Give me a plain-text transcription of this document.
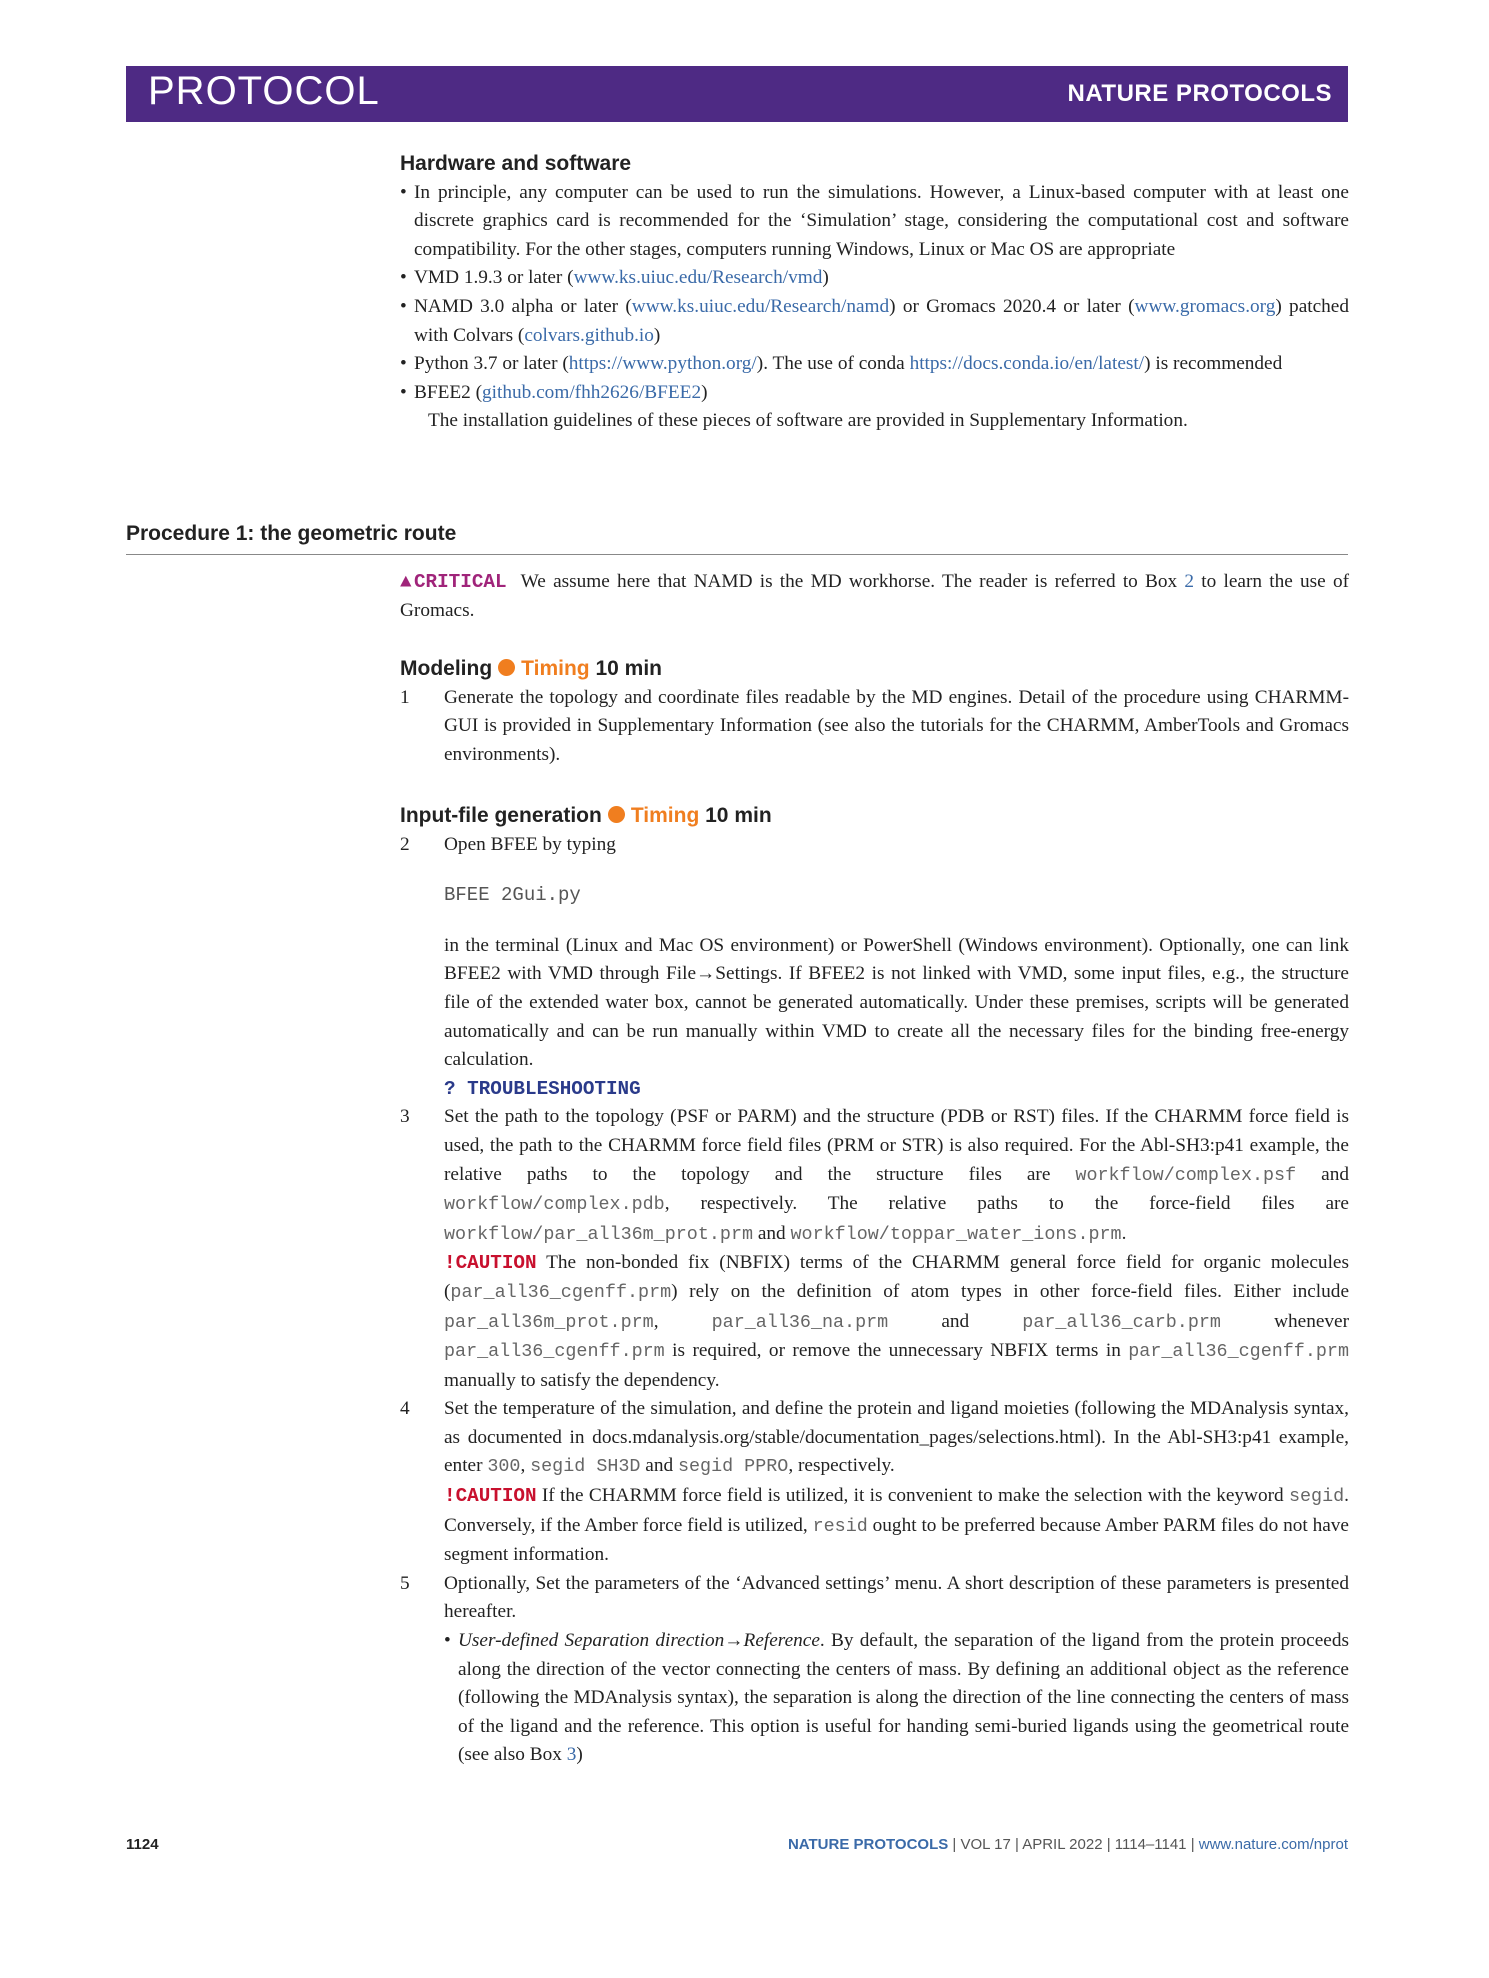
PROTOCOL	NATURE PROTOCOLS
Hardware and software
• In principle, any computer can be used to run the simulations. However, a Linux-based computer with at least one discrete graphics card is recommended for the ‘Simulation’ stage, considering the computational cost and software compatibility. For the other stages, computers running Windows, Linux or Mac OS are appropriate
• VMD 1.9.3 or later (www.ks.uiuc.edu/Research/vmd)
• NAMD 3.0 alpha or later (www.ks.uiuc.edu/Research/namd) or Gromacs 2020.4 or later (www.gromacs.org) patched with Colvars (colvars.github.io)
• Python 3.7 or later (https://www.python.org/). The use of conda https://docs.conda.io/en/latest/) is recommended
• BFEE2 (github.com/fhh2626/BFEE2)
The installation guidelines of these pieces of software are provided in Supplementary Information.
Procedure 1: the geometric route
▲CRITICAL We assume here that NAMD is the MD workhorse. The reader is referred to Box 2 to learn the use of Gromacs.
Modeling Timing 10 min
1 Generate the topology and coordinate files readable by the MD engines. Detail of the procedure using CHARMM-GUI is provided in Supplementary Information (see also the tutorials for the CHARMM, AmberTools and Gromacs environments).
Input-file generation Timing 10 min
2 Open BFEE by typing
BFEE 2Gui.py
in the terminal (Linux and Mac OS environment) or PowerShell (Windows environment). Optionally, one can link BFEE2 with VMD through File→Settings. If BFEE2 is not linked with VMD, some input files, e.g., the structure file of the extended water box, cannot be generated automatically. Under these premises, scripts will be generated automatically and can be run manually within VMD to create all the necessary files for the binding free-energy calculation.
? TROUBLESHOOTING
3 Set the path to the topology (PSF or PARM) and the structure (PDB or RST) files. If the CHARMM force field is used, the path to the CHARMM force field files (PRM or STR) is also required. For the Abl-SH3:p41 example, the relative paths to the topology and the structure files are workflow/complex.psf and workflow/complex.pdb, respectively. The relative paths to the force-field files are workflow/par_all36m_prot.prm and workflow/toppar_water_ions.prm.
!CAUTION The non-bonded fix (NBFIX) terms of the CHARMM general force field for organic molecules (par_all36_cgenff.prm) rely on the definition of atom types in other force-field files. Either include par_all36m_prot.prm, par_all36_na.prm and par_all36_carb.prm whenever par_all36_cgenff.prm is required, or remove the unnecessary NBFIX terms in par_all36_cgenff.prm manually to satisfy the dependency.
4 Set the temperature of the simulation, and define the protein and ligand moieties (following the MDAnalysis syntax, as documented in docs.mdanalysis.org/stable/documentation_pages/selections.html). In the Abl-SH3:p41 example, enter 300, segid SH3D and segid PPRO, respectively.
!CAUTION If the CHARMM force field is utilized, it is convenient to make the selection with the keyword segid. Conversely, if the Amber force field is utilized, resid ought to be preferred because Amber PARM files do not have segment information.
5 Optionally, Set the parameters of the ‘Advanced settings’ menu. A short description of these parameters is presented hereafter.
• User-defined Separation direction→Reference. By default, the separation of the ligand from the protein proceeds along the direction of the vector connecting the centers of mass. By defining an additional object as the reference (following the MDAnalysis syntax), the separation is along the direction of the line connecting the centers of mass of the ligand and the reference. This option is useful for handing semi-buried ligands using the geometrical route (see also Box 3)
1124	NATURE PROTOCOLS | VOL 17 | APRIL 2022 | 1114–1141 | www.nature.com/nprot
